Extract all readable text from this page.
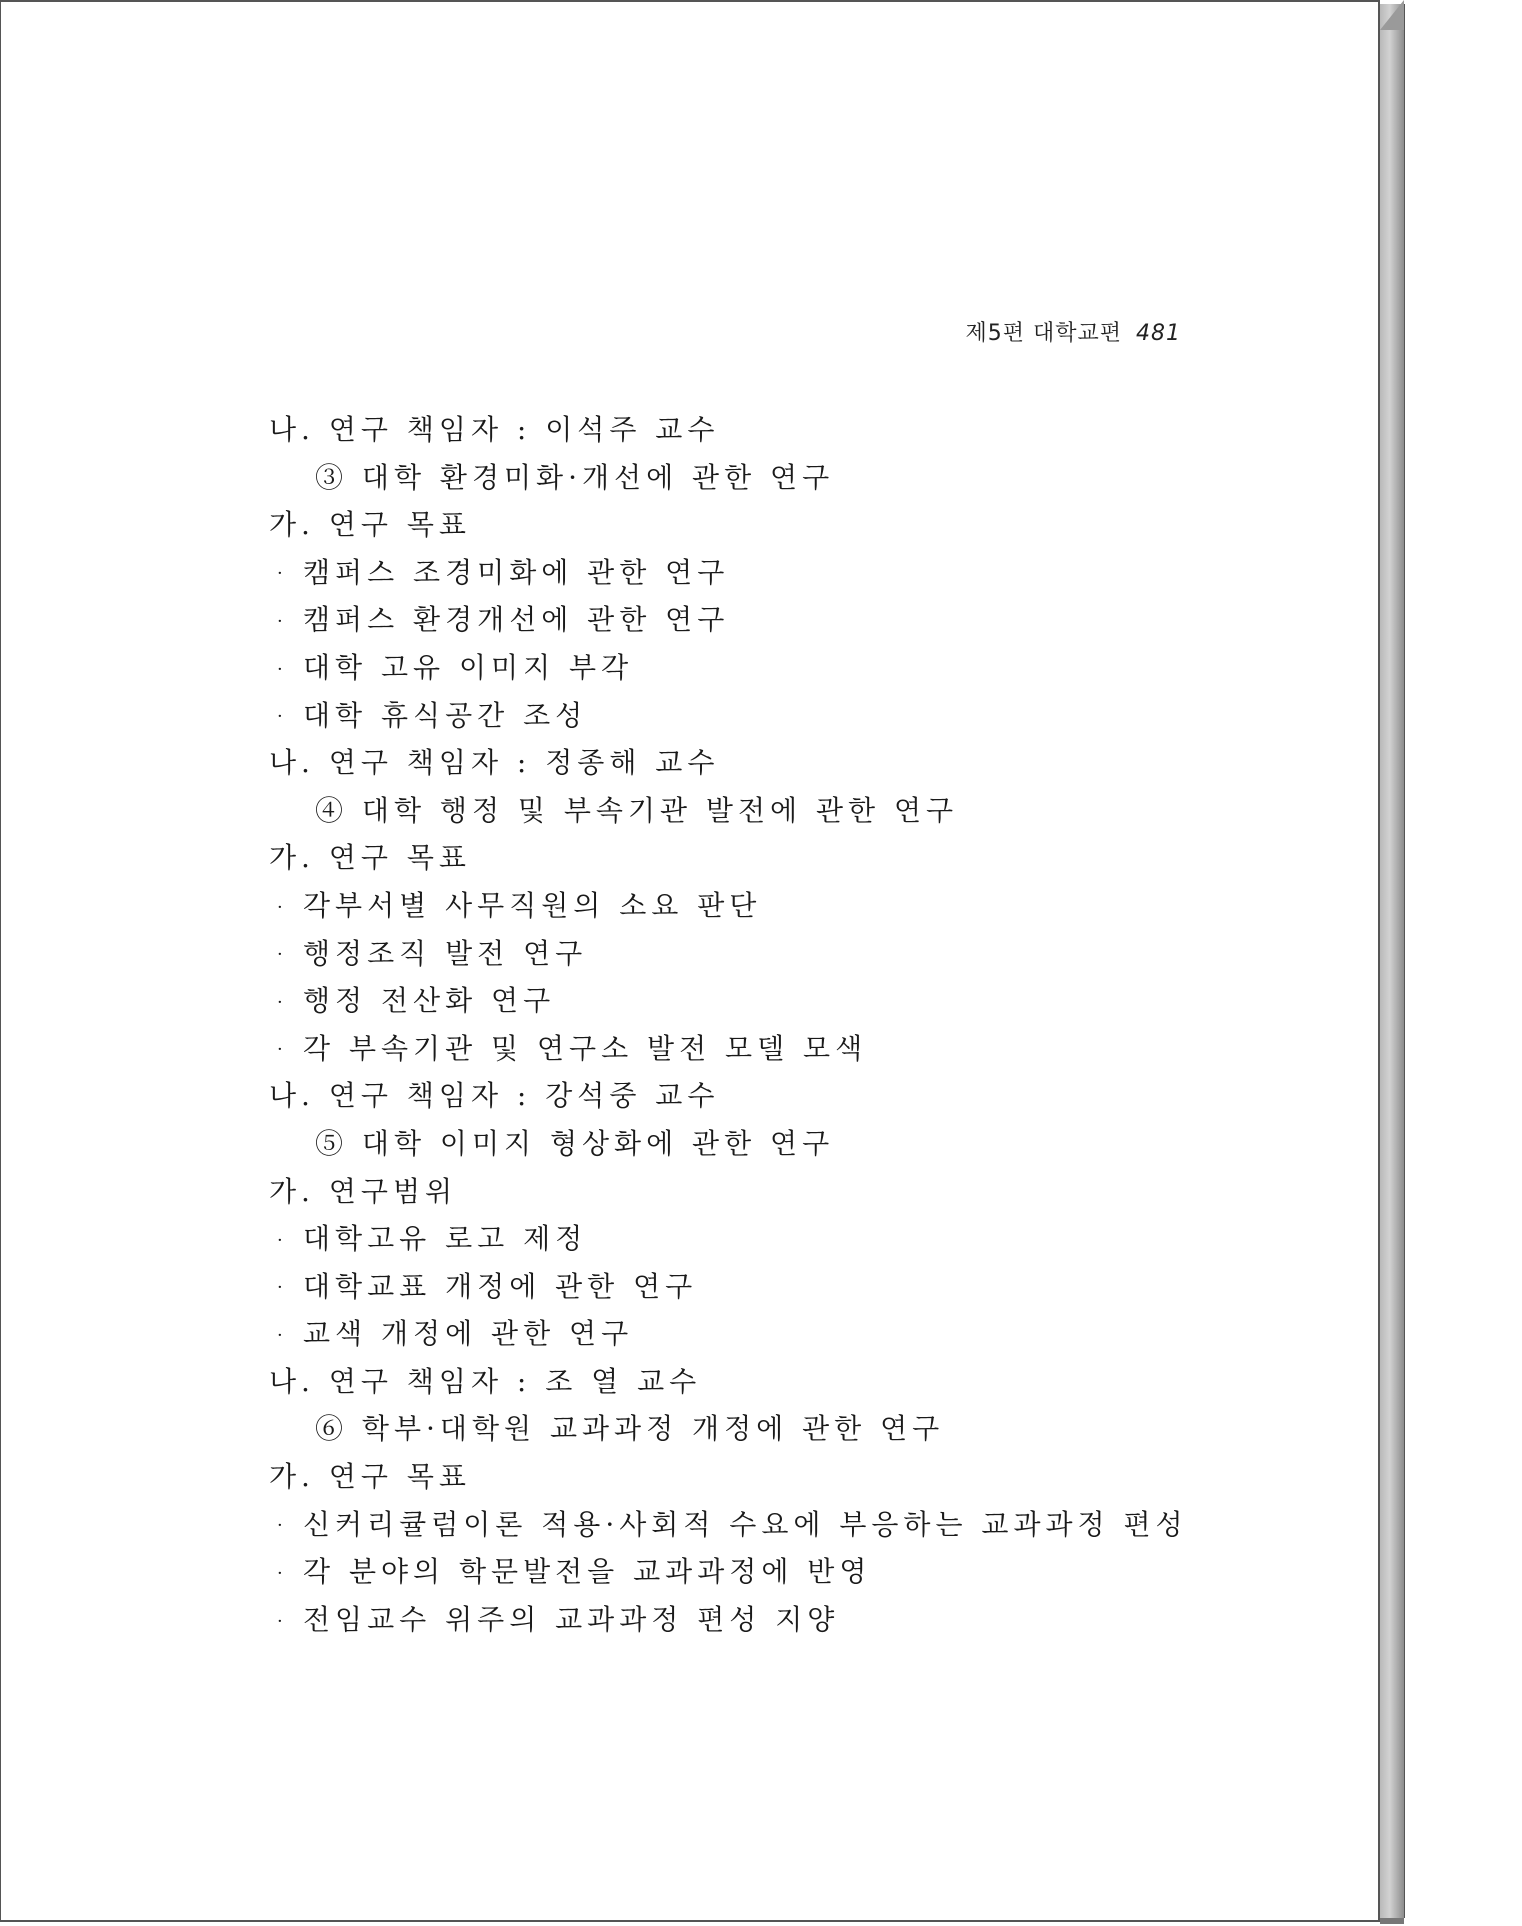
제5편 대학교편 481
나. 연구 책임자 : 이석주 교수
③ 대학 환경미화·개선에 관한 연구
가. 연구 목표
· 캠퍼스 조경미화에 관한 연구
· 캠퍼스 환경개선에 관한 연구
· 대학 고유 이미지 부각
· 대학 휴식공간 조성
나. 연구 책임자 : 정종해 교수
④ 대학 행정 및 부속기관 발전에 관한 연구
가. 연구 목표
· 각부서별 사무직원의 소요 판단
· 행정조직 발전 연구
· 행정 전산화 연구
· 각 부속기관 및 연구소 발전 모델 모색
나. 연구 책임자 : 강석중 교수
⑤ 대학 이미지 형상화에 관한 연구
가. 연구범위
· 대학고유 로고 제정
· 대학교표 개정에 관한 연구
· 교색 개정에 관한 연구
나. 연구 책임자 : 조 열 교수
⑥ 학부·대학원 교과과정 개정에 관한 연구
가. 연구 목표
· 신커리큘럼이론 적용·사회적 수요에 부응하는 교과과정 편성
· 각 분야의 학문발전을 교과과정에 반영
· 전임교수 위주의 교과과정 편성 지양
